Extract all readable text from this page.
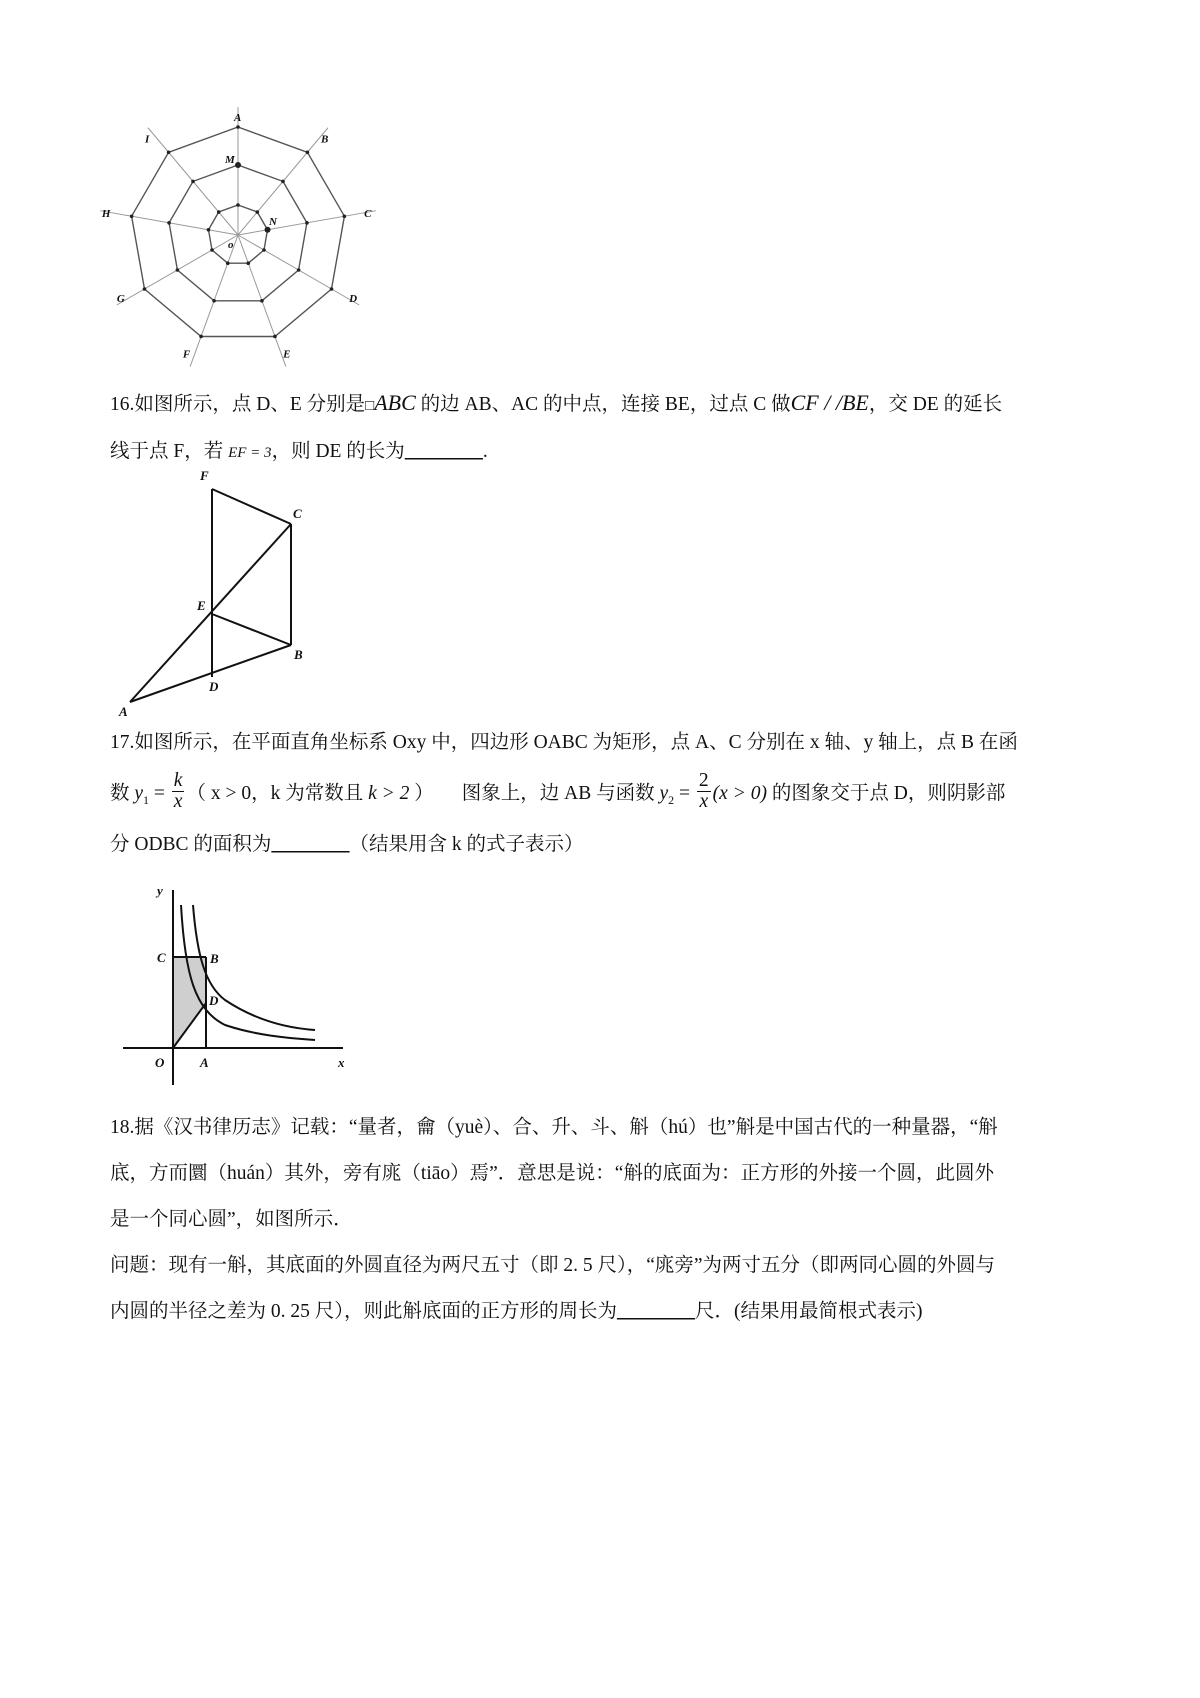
A
B
C
D
E
F
G
H
I
M
N
o
16.如图所示，点 D、E 分别是□ABC 的边 AB、AC 的中点，连接 BE，过点 C 做CF / /BE，交 DE 的延长
线于点 F，若 EF = 3，则 DE 的长为________.
F
C
E
B
D
A
17.如图所示，在平面直角坐标系 Oxy 中，四边形 OABC 为矩形，点 A、C 分别在 x 轴、y 轴上，点 B 在函
数 $y_1 = \frac{k}{x}$ （ x > 0，k 为常数且 k > 2 ） 图象上，边 AB 与函数 $y_2 = \frac{2}{x} (x > 0)$ 的图象交于点 D，则阴影部
分 ODBC 的面积为________（结果用含 k 的式子表示）
y
x
O	A
C	B
D
18.据《汉书律历志》记载：“量者，龠（yuè）、合、升、斗、斛（hú）也”斛是中国古代的一种量器，“斛
底，方而圜（huán）其外，旁有庣（tiāo）焉”．意思是说：“斛的底面为：正方形的外接一个圆，此圆外
是一个同心圆”，如图所示．
问题：现有一斛，其底面的外圆直径为两尺五寸（即 2. 5 尺），“庣旁”为两寸五分（即两同心圆的外圆与
内圆的半径之差为 0. 25 尺），则此斛底面的正方形的周长为________尺．(结果用最简根式表示)
